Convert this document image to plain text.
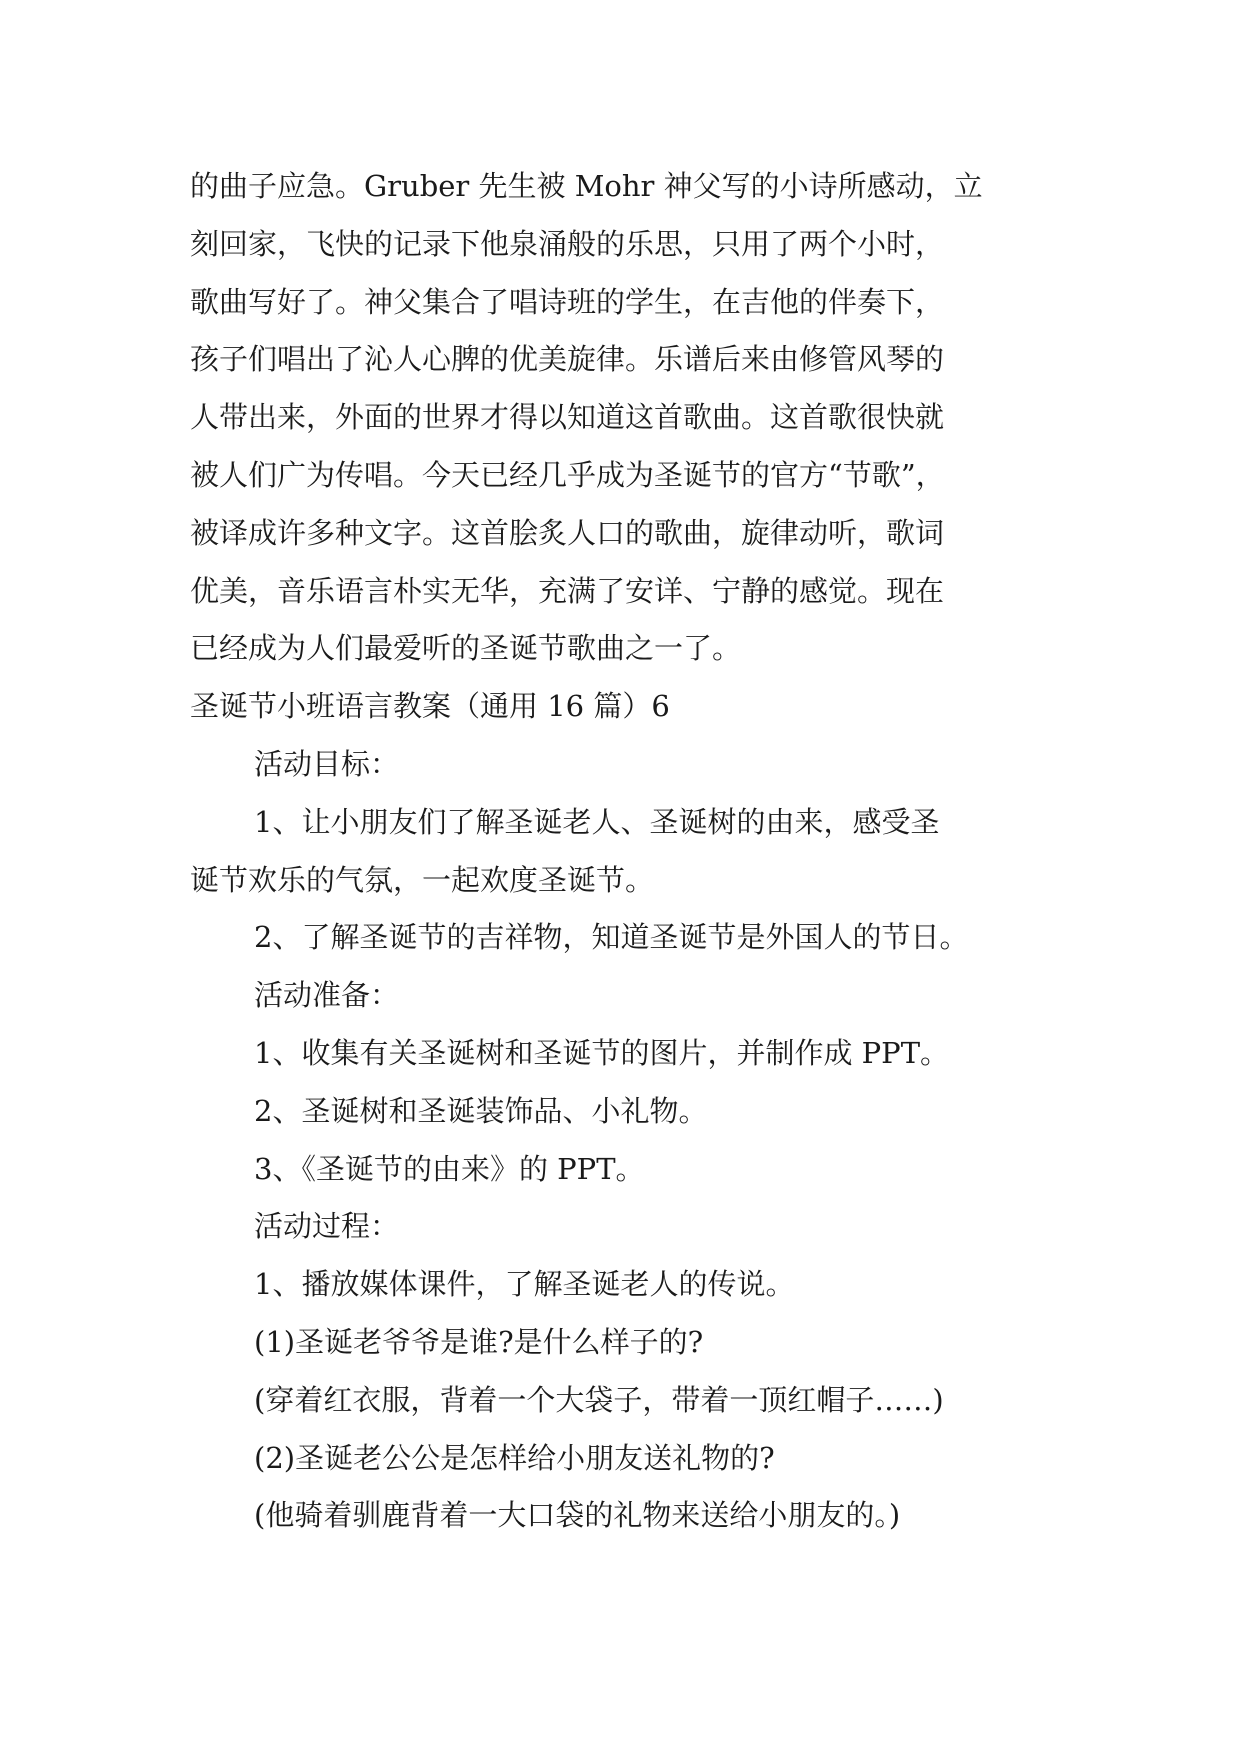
的曲子应急。Gruber 先生被 Mohr 神父写的小诗所感动，立
刻回家，飞快的记录下他泉涌般的乐思，只用了两个小时，
歌曲写好了。神父集合了唱诗班的学生，在吉他的伴奏下，
孩子们唱出了沁人心脾的优美旋律。乐谱后来由修管风琴的
人带出来，外面的世界才得以知道这首歌曲。这首歌很快就
被人们广为传唱。今天已经几乎成为圣诞节的官方“节歌”，
被译成许多种文字。这首脍炙人口的歌曲，旋律动听，歌词
优美，音乐语言朴实无华，充满了安详、宁静的感觉。现在
已经成为人们最爱听的圣诞节歌曲之一了。
圣诞节小班语言教案（通用 16 篇）6
活动目标：
1、让小朋友们了解圣诞老人、圣诞树的由来，感受圣
诞节欢乐的气氛，一起欢度圣诞节。
2、了解圣诞节的吉祥物，知道圣诞节是外国人的节日。
活动准备：
1、收集有关圣诞树和圣诞节的图片，并制作成 PPT。
2、圣诞树和圣诞装饰品、小礼物。
3、《圣诞节的由来》的 PPT。
活动过程：
1、播放媒体课件，了解圣诞老人的传说。
(1)圣诞老爷爷是谁?是什么样子的?
(穿着红衣服，背着一个大袋子，带着一顶红帽子……)
(2)圣诞老公公是怎样给小朋友送礼物的?
(他骑着驯鹿背着一大口袋的礼物来送给小朋友的。)
